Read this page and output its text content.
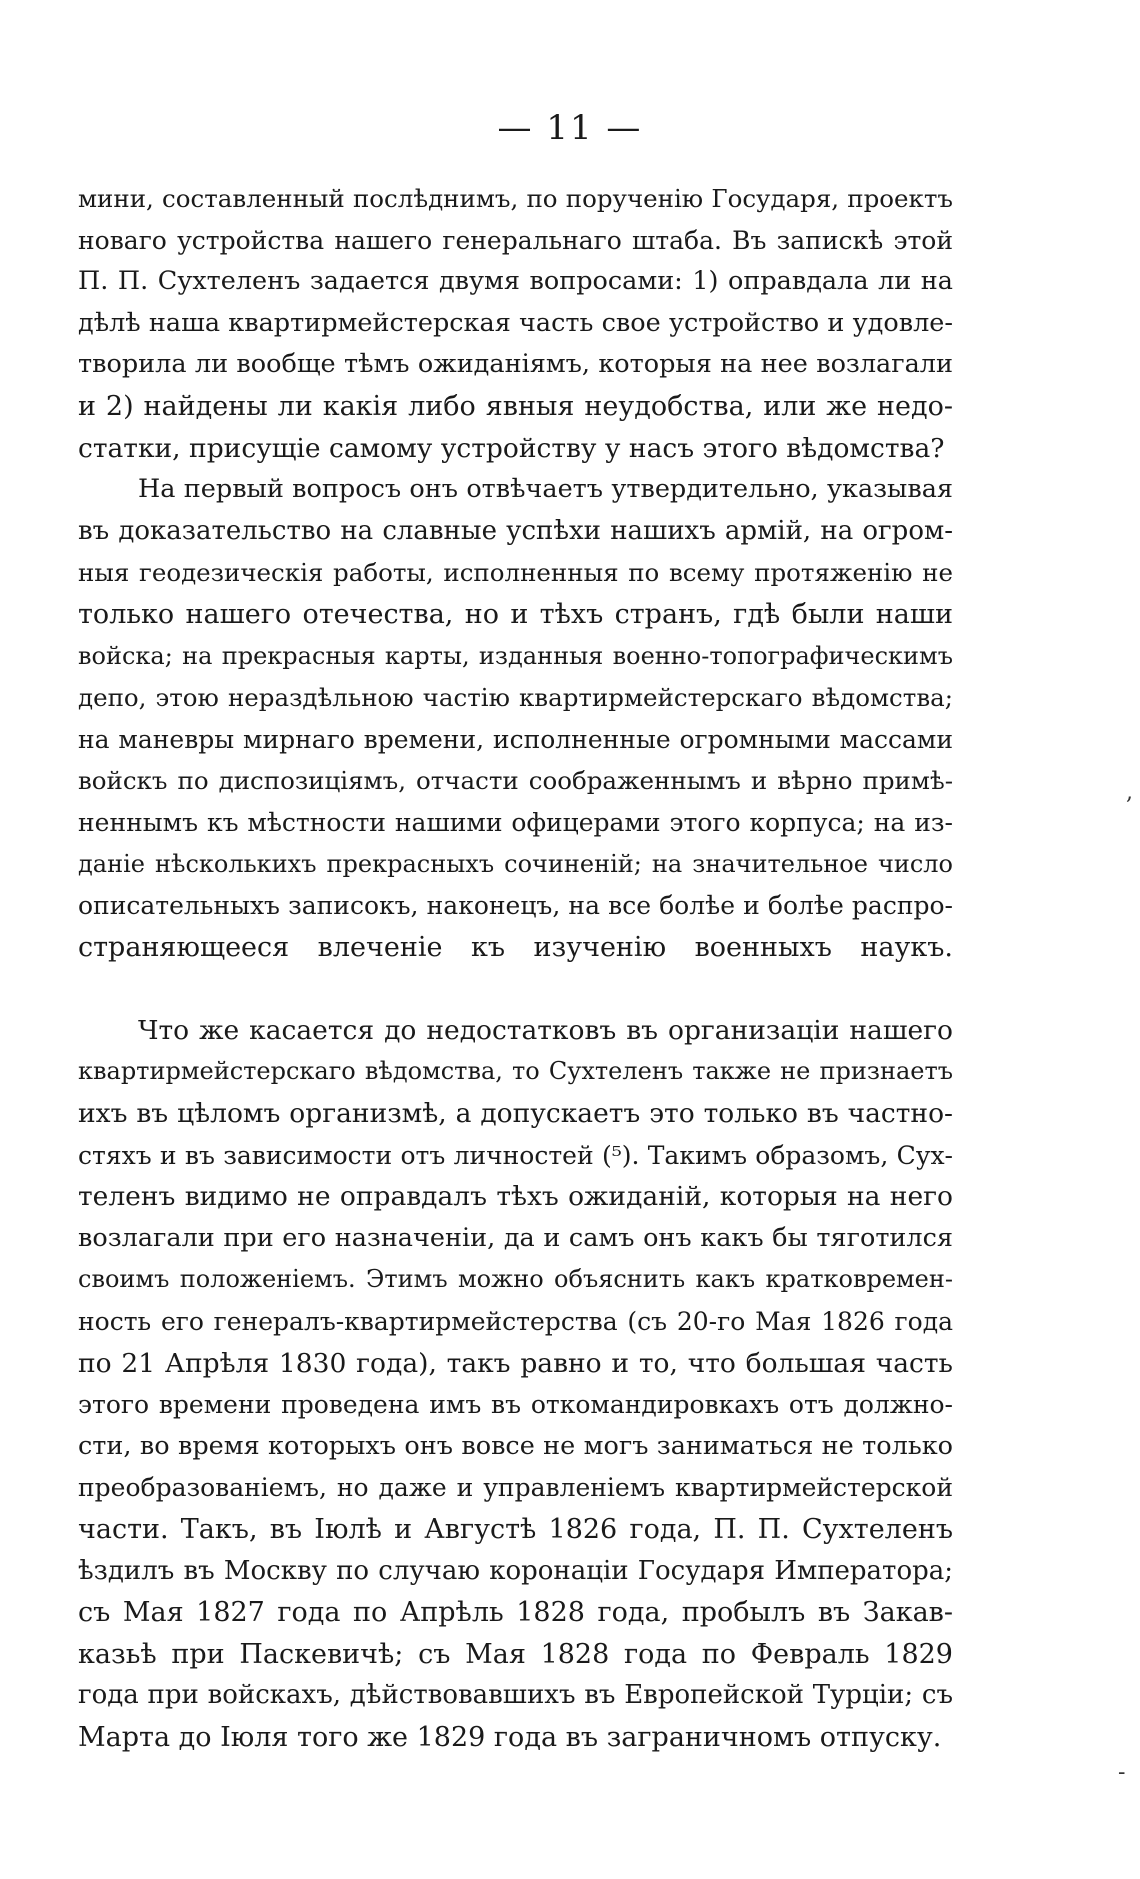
— 11 —
мини, составленный послѣднимъ, по порученію Государя, проектъ
новаго устройства нашего генеральнаго штаба. Въ запискѣ этой
П. П. Сухтеленъ задается двумя вопросами: 1) оправдала ли на
дѣлѣ наша квартирмейстерская часть свое устройство и удовле-
творила ли вообще тѣмъ ожиданіямъ, которыя на нее возлагали
и 2) найдены ли какія либо явныя неудобства, или же недо-
статки, присущіе самому устройству у насъ этого вѣдомства?
На первый вопросъ онъ отвѣчаетъ утвердительно, указывая
въ доказательство на славные успѣхи нашихъ армій, на огром-
ныя геодезическія работы, исполненныя по всему протяженію не
только нашего отечества, но и тѣхъ странъ, гдѣ были наши
войска; на прекрасныя карты, изданныя военно-топографическимъ
депо, этою нераздѣльною частію квартирмейстерскаго вѣдомства;
на маневры мирнаго времени, исполненные огромными массами
войскъ по диспозиціямъ, отчасти соображеннымъ и вѣрно примѣ-
неннымъ къ мѣстности нашими офицерами этого корпуса; на из-
даніе нѣсколькихъ прекрасныхъ сочиненій; на значительное число
описательныхъ записокъ, наконецъ, на все болѣе и болѣе распро-
страняющееся влеченіе къ изученію военныхъ наукъ.
Что же касается до недостатковъ въ организаціи нашего
квартирмейстерскаго вѣдомства, то Сухтеленъ также не признаетъ
ихъ въ цѣломъ организмѣ, а допускаетъ это только въ частно-
стяхъ и въ зависимости отъ личностей (⁵). Такимъ образомъ, Сух-
теленъ видимо не оправдалъ тѣхъ ожиданій, которыя на него
возлагали при его назначеніи, да и самъ онъ какъ бы тяготился
своимъ положеніемъ. Этимъ можно объяснить какъ кратковремен-
ность его генералъ-квартирмейстерства (съ 20-го Мая 1826 года
по 21 Апрѣля 1830 года), такъ равно и то, что большая часть
этого времени проведена имъ въ откомандировкахъ отъ должно-
сти, во время которыхъ онъ вовсе не могъ заниматься не только
преобразованіемъ, но даже и управленіемъ квартирмейстерской
части. Такъ, въ Іюлѣ и Августѣ 1826 года, П. П. Сухтеленъ
ѣздилъ въ Москву по случаю коронаціи Государя Императора;
съ Мая 1827 года по Апрѣль 1828 года, пробылъ въ Закав-
казьѣ при Паскевичѣ; съ Мая 1828 года по Февраль 1829
года при войскахъ, дѣйствовавшихъ въ Европейской Турціи; съ
Марта до Іюля того же 1829 года въ заграничномъ отпуску.
,
-
